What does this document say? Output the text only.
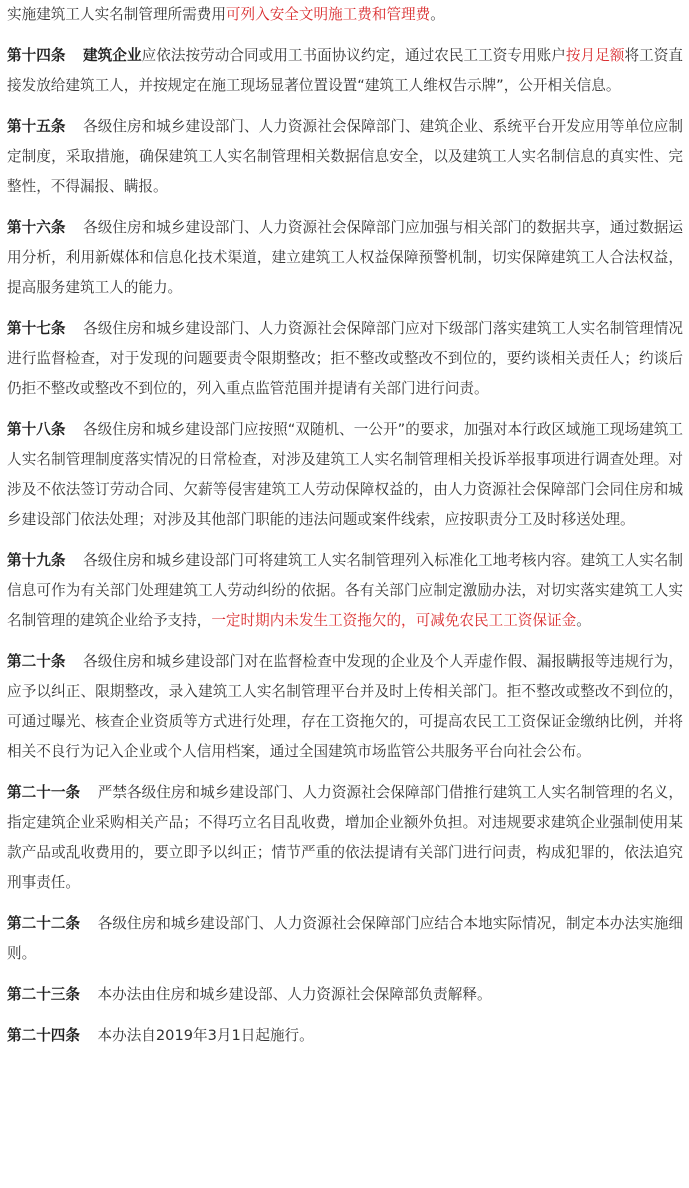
实施建筑工人实名制管理所需费用可列入安全文明施工费和管理费。

第十四条 建筑企业应依法按劳动合同或用工书面协议约定，通过农民工工资专用账户按月足额将工资直接发放给建筑工人，并按规定在施工现场显著位置设置“建筑工人维权告示牌”，公开相关信息。

第十五条 各级住房和城乡建设部门、人力资源社会保障部门、建筑企业、系统平台开发应用等单位应制定制度，采取措施，确保建筑工人实名制管理相关数据信息安全，以及建筑工人实名制信息的真实性、完整性，不得漏报、瞒报。

第十六条 各级住房和城乡建设部门、人力资源社会保障部门应加强与相关部门的数据共享，通过数据运用分析，利用新媒体和信息化技术渠道，建立建筑工人权益保障预警机制，切实保障建筑工人合法权益，提高服务建筑工人的能力。

第十七条 各级住房和城乡建设部门、人力资源社会保障部门应对下级部门落实建筑工人实名制管理情况进行监督检查，对于发现的问题要责令限期整改；拒不整改或整改不到位的，要约谈相关责任人；约谈后仍拒不整改或整改不到位的，列入重点监管范围并提请有关部门进行问责。

第十八条 各级住房和城乡建设部门应按照“双随机、一公开”的要求，加强对本行政区域施工现场建筑工人实名制管理制度落实情况的日常检查，对涉及建筑工人实名制管理相关投诉举报事项进行调查处理。对涉及不依法签订劳动合同、欠薪等侵害建筑工人劳动保障权益的，由人力资源社会保障部门会同住房和城乡建设部门依法处理；对涉及其他部门职能的违法问题或案件线索，应按职责分工及时移送处理。

第十九条 各级住房和城乡建设部门可将建筑工人实名制管理列入标准化工地考核内容。建筑工人实名制信息可作为有关部门处理建筑工人劳动纠纷的依据。各有关部门应制定激励办法，对切实落实建筑工人实名制管理的建筑企业给予支持，一定时期内未发生工资拖欠的，可减免农民工工资保证金。

第二十条 各级住房和城乡建设部门对在监督检查中发现的企业及个人弄虚作假、漏报瞒报等违规行为，应予以纠正、限期整改，录入建筑工人实名制管理平台并及时上传相关部门。拒不整改或整改不到位的，可通过曝光、核查企业资质等方式进行处理，存在工资拖欠的，可提高农民工工资保证金缴纳比例，并将相关不良行为记入企业或个人信用档案，通过全国建筑市场监管公共服务平台向社会公布。

第二十一条 严禁各级住房和城乡建设部门、人力资源社会保障部门借推行建筑工人实名制管理的名义，指定建筑企业采购相关产品；不得巧立名目乱收费，增加企业额外负担。对违规要求建筑企业强制使用某款产品或乱收费用的，要立即予以纠正；情节严重的依法提请有关部门进行问责，构成犯罪的，依法追究刑事责任。

第二十二条 各级住房和城乡建设部门、人力资源社会保障部门应结合本地实际情况，制定本办法实施细则。

第二十三条 本办法由住房和城乡建设部、人力资源社会保障部负责解释。

第二十四条 本办法自2019年3月1日起施行。
